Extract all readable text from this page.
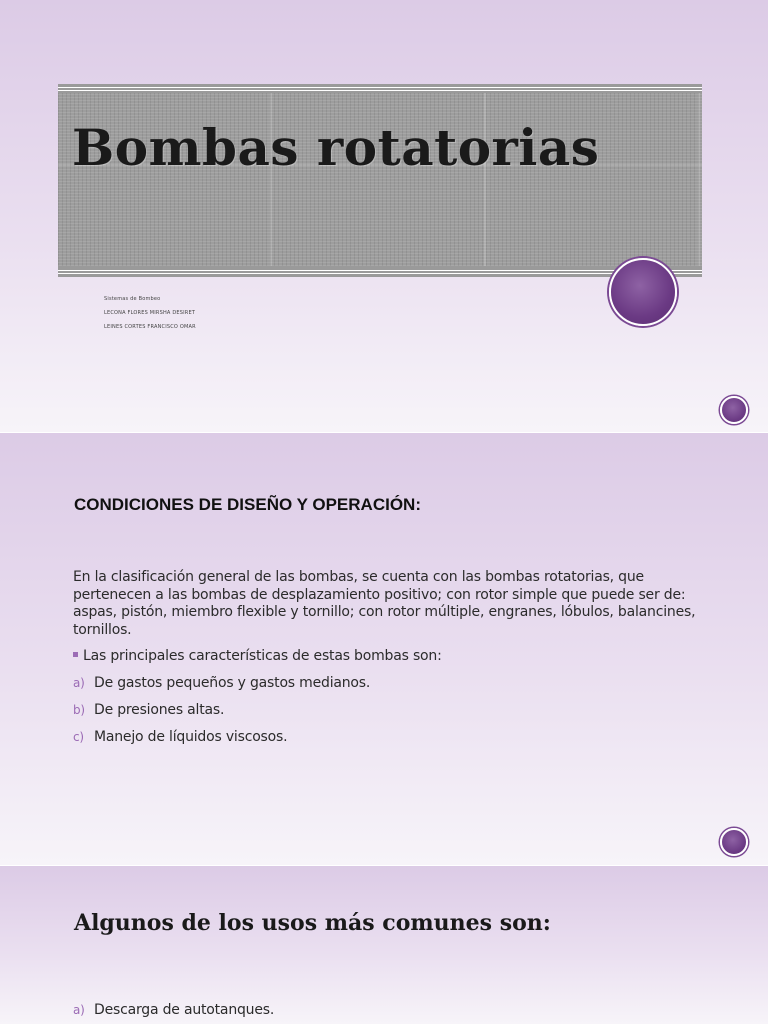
Bombas rotatorias
Sistemas de Bombeo
LECONA FLORES MIRSHA DESIRET
LEINES CORTES FRANCISCO OMAR
CONDICIONES DE DISEÑO Y OPERACIÓN:

En la clasificación general de las bombas, se cuenta con las bombas rotatorias, que pertenecen a las bombas de desplazamiento positivo; con rotor simple que puede ser de: aspas, pistón, miembro flexible y tornillo; con rotor múltiple, engranes, lóbulos, balancines, tornillos.

Las principales características de estas bombas son:
a) De gastos pequeños y gastos medianos.
b) De presiones altas.
c) Manejo de líquidos viscosos.
Algunos de los usos más comunes son:
a) Descarga de autotanques.
